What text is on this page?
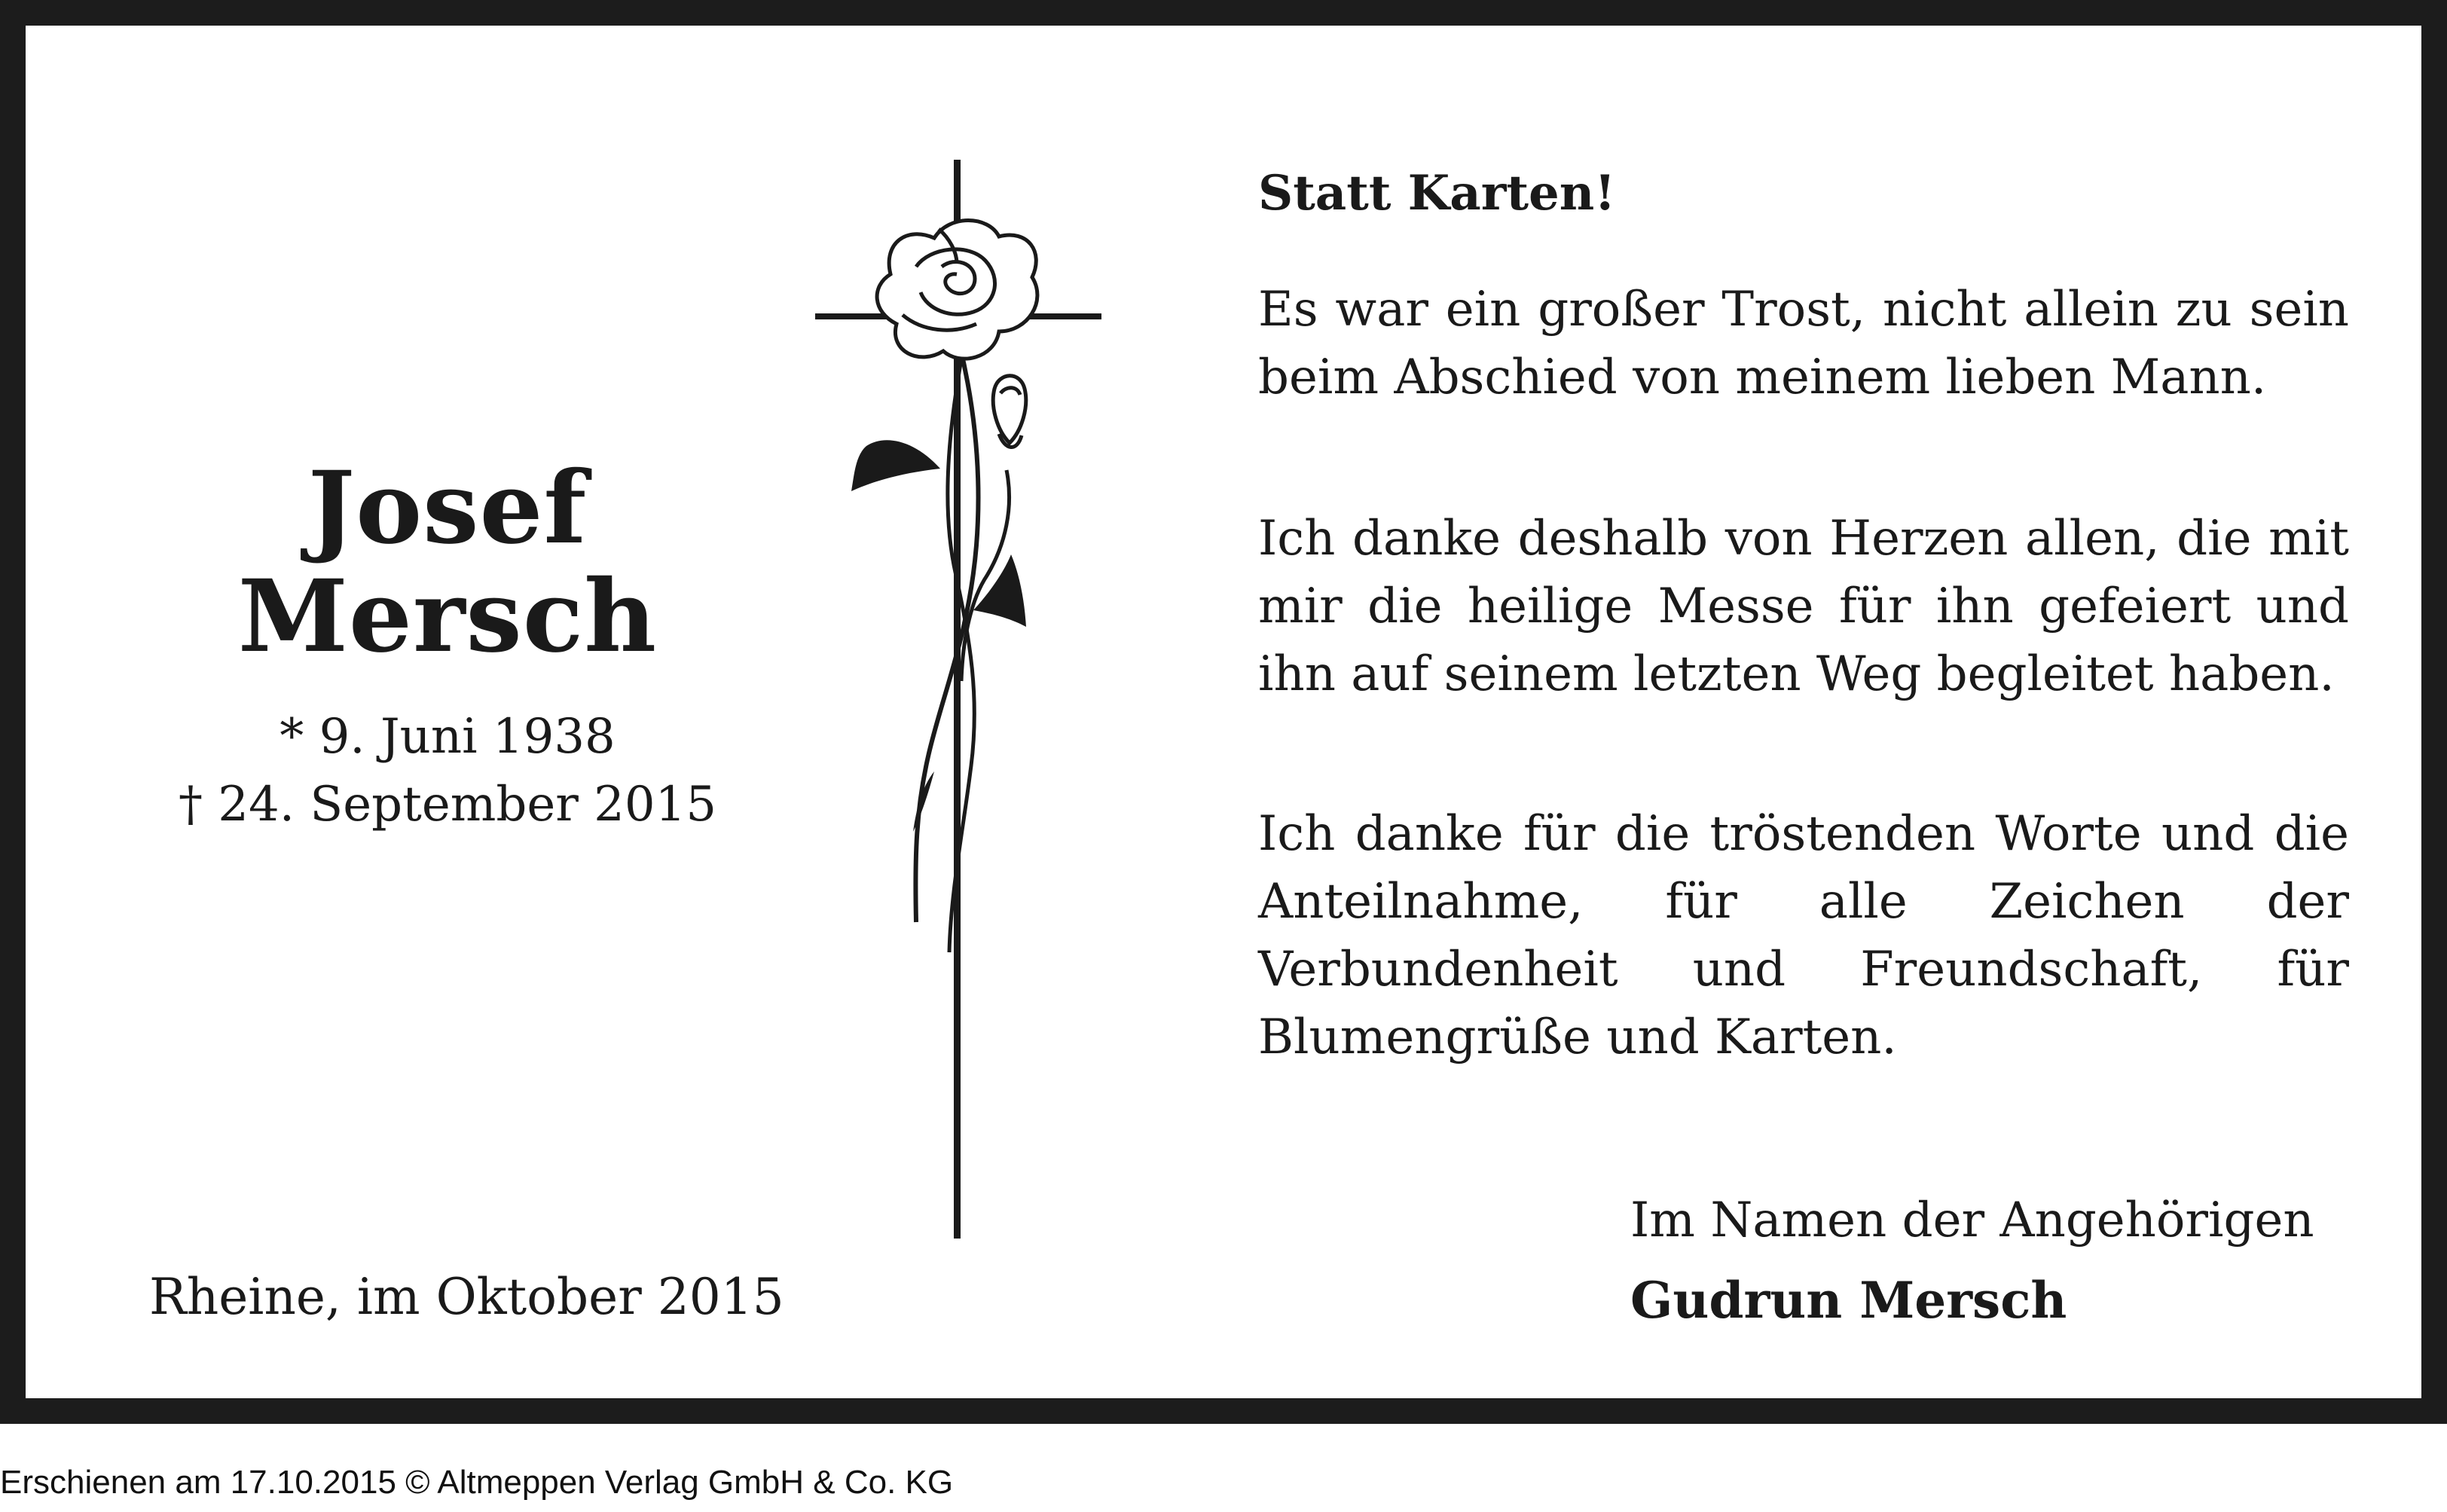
Josef
Mersch
* 9. Juni 1938
† 24. September 2015
Rheine, im Oktober 2015
Statt Karten!

Es war ein großer Trost, nicht allein zu sein beim Abschied von meinem lieben Mann.

Ich danke deshalb von Herzen allen, die mit mir die heilige Messe für ihn gefeiert und ihn auf seinem letzten Weg begleitet haben.

Ich danke für die tröstenden Worte und die Anteilnahme, für alle Zeichen der Verbundenheit und Freundschaft, für Blumengrüße und Karten.

Im Namen der Angehörigen
Gudrun Mersch
Erschienen am 17.10.2015 © Altmeppen Verlag GmbH & Co. KG
